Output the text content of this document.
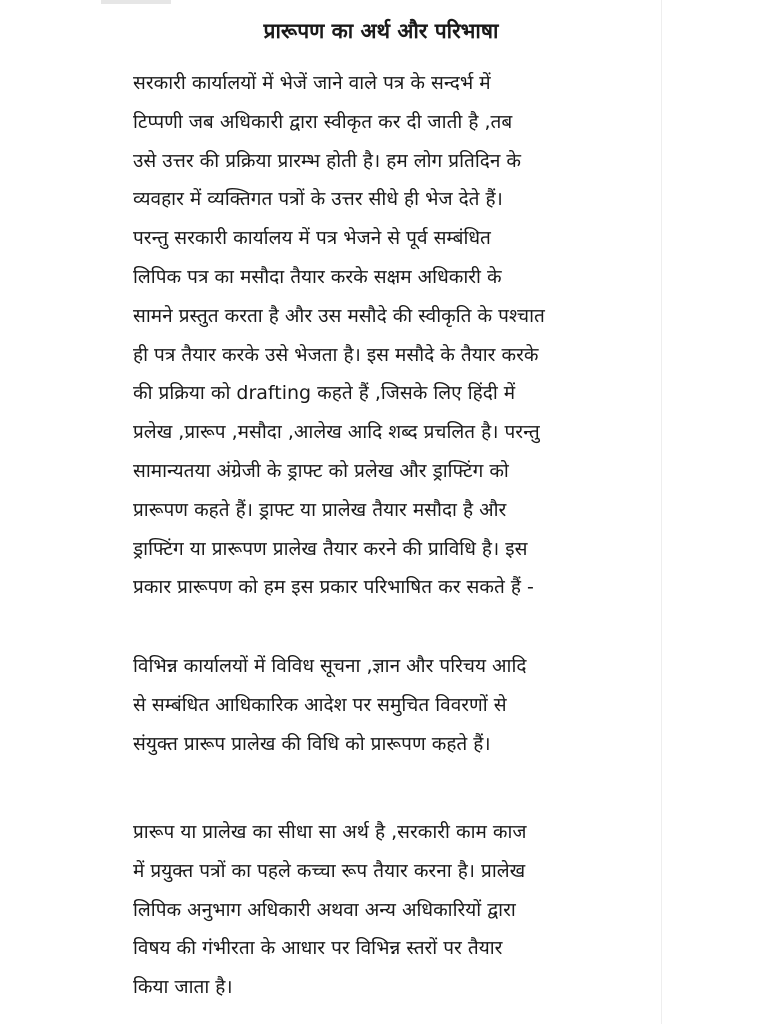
प्रारूपण का अर्थ और परिभाषा

सरकारी कार्यालयों में भेजें जाने वाले पत्र के सन्दर्भ में
टिप्पणी जब अधिकारी द्वारा स्वीकृत कर दी जाती है ,तब
उसे उत्तर की प्रक्रिया प्रारम्भ होती है। हम लोग प्रतिदिन के
व्यवहार में व्यक्तिगत पत्रों के उत्तर सीधे ही भेज देते हैं।
परन्तु सरकारी कार्यालय में पत्र भेजने से पूर्व सम्बंधित
लिपिक पत्र का मसौदा तैयार करके सक्षम अधिकारी के
सामने प्रस्तुत करता है और उस मसौदे की स्वीकृति के पश्चात
ही पत्र तैयार करके उसे भेजता है। इस मसौदे के तैयार करके
की प्रक्रिया को drafting कहते हैं ,जिसके लिए हिंदी में
प्रलेख ,प्रारूप ,मसौदा ,आलेख आदि शब्द प्रचलित है। परन्तु
सामान्यतया अंग्रेजी के ड्राफ्ट को प्रलेख और ड्राफ्टिंग को
प्रारूपण कहते हैं। ड्राफ्ट या प्रालेख तैयार मसौदा है और
ड्राफ्टिंग या प्रारूपण प्रालेख तैयार करने की प्राविधि है। इस
प्रकार प्रारूपण को हम इस प्रकार परिभाषित कर सकते हैं -

विभिन्न कार्यालयों में विविध सूचना ,ज्ञान और परिचय आदि
से सम्बंधित आधिकारिक आदेश पर समुचित विवरणों से
संयुक्त प्रारूप प्रालेख की विधि को प्रारूपण कहते हैं।

प्रारूप या प्रालेख का सीधा सा अर्थ है ,सरकारी काम काज
में प्रयुक्त पत्रों का पहले कच्चा रूप तैयार करना है। प्रालेख
लिपिक अनुभाग अधिकारी अथवा अन्य अधिकारियों द्वारा
विषय की गंभीरता के आधार पर विभिन्न स्तरों पर तैयार
किया जाता है।
